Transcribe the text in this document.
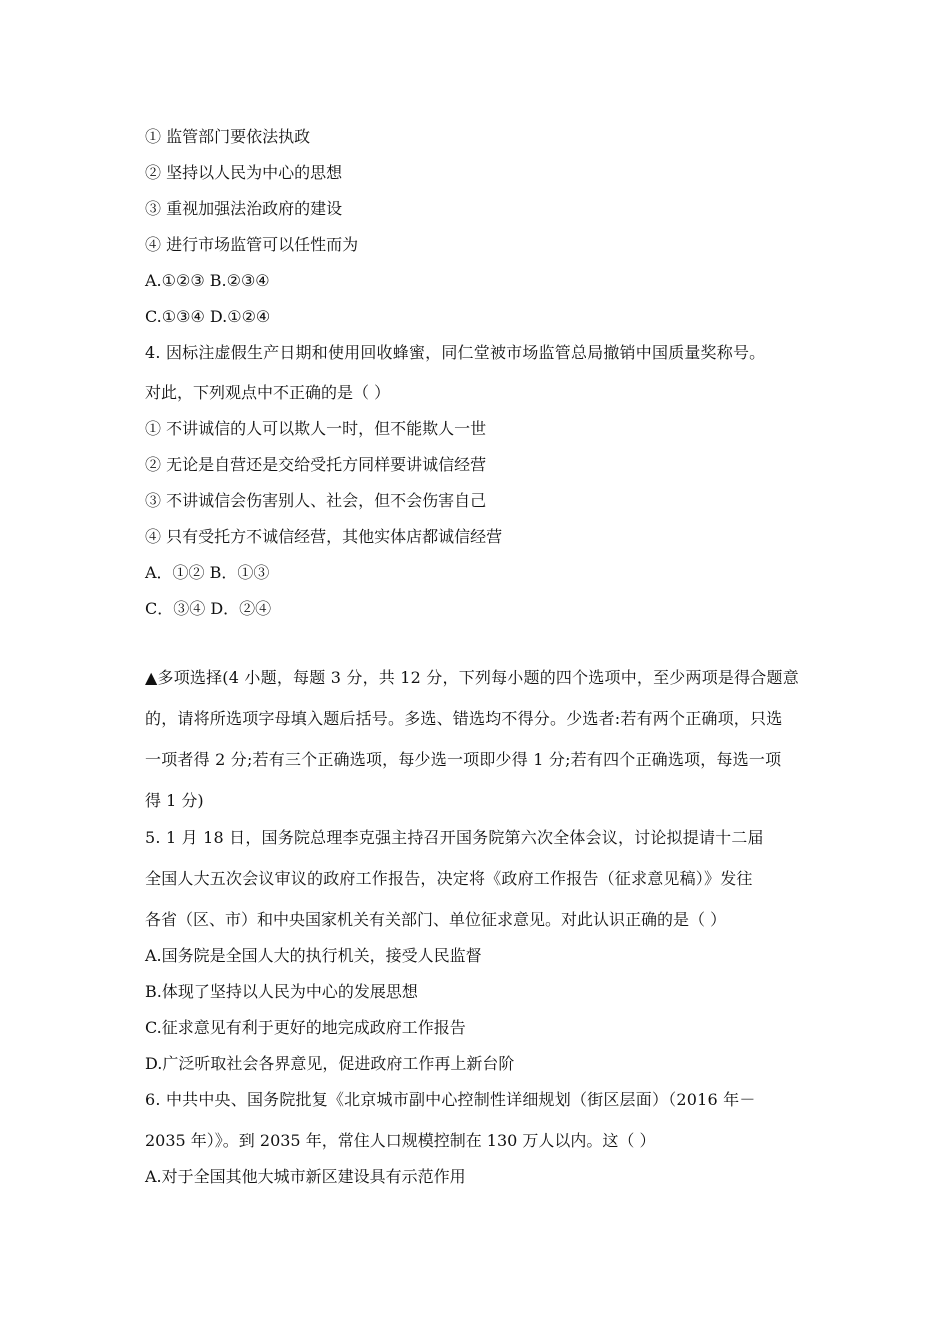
① 监管部门要依法执政
② 坚持以人民为中心的思想
③ 重视加强法治政府的建设
④ 进行市场监管可以任性而为
A.①②③ B.②③④
C.①③④ D.①②④
4. 因标注虚假生产日期和使用回收蜂蜜，同仁堂被市场监管总局撤销中国质量奖称号。
对此，下列观点中不正确的是（ ）
① 不讲诚信的人可以欺人一时，但不能欺人一世
② 无论是自营还是交给受托方同样要讲诚信经营
③ 不讲诚信会伤害别人、社会，但不会伤害自己
④ 只有受托方不诚信经营，其他实体店都诚信经营
A．①② B．①③
C．③④ D．②④
▲多项选择(4 小题，每题 3 分，共 12 分，下列每小题的四个选项中，至少两项是得合题意
的，请将所选项字母填入题后括号。多选、错选均不得分。少选者:若有两个正确项，只选
一项者得 2 分;若有三个正确选项，每少选一项即少得 1 分;若有四个正确选项，每选一项
得 1 分)
5. 1 月 18 日，国务院总理李克强主持召开国务院第六次全体会议，讨论拟提请十二届
全国人大五次会议审议的政府工作报告，决定将《政府工作报告（征求意见稿）》发往
各省（区、市）和中央国家机关有关部门、单位征求意见。对此认识正确的是（ ）
A.国务院是全国人大的执行机关，接受人民监督
B.体现了坚持以人民为中心的发展思想
C.征求意见有利于更好的地完成政府工作报告
D.广泛听取社会各界意见，促进政府工作再上新台阶
6. 中共中央、国务院批复《北京城市副中心控制性详细规划（街区层面）（2016 年－
2035 年）》。到 2035 年，常住人口规模控制在 130 万人以内。这（ ）
A.对于全国其他大城市新区建设具有示范作用
